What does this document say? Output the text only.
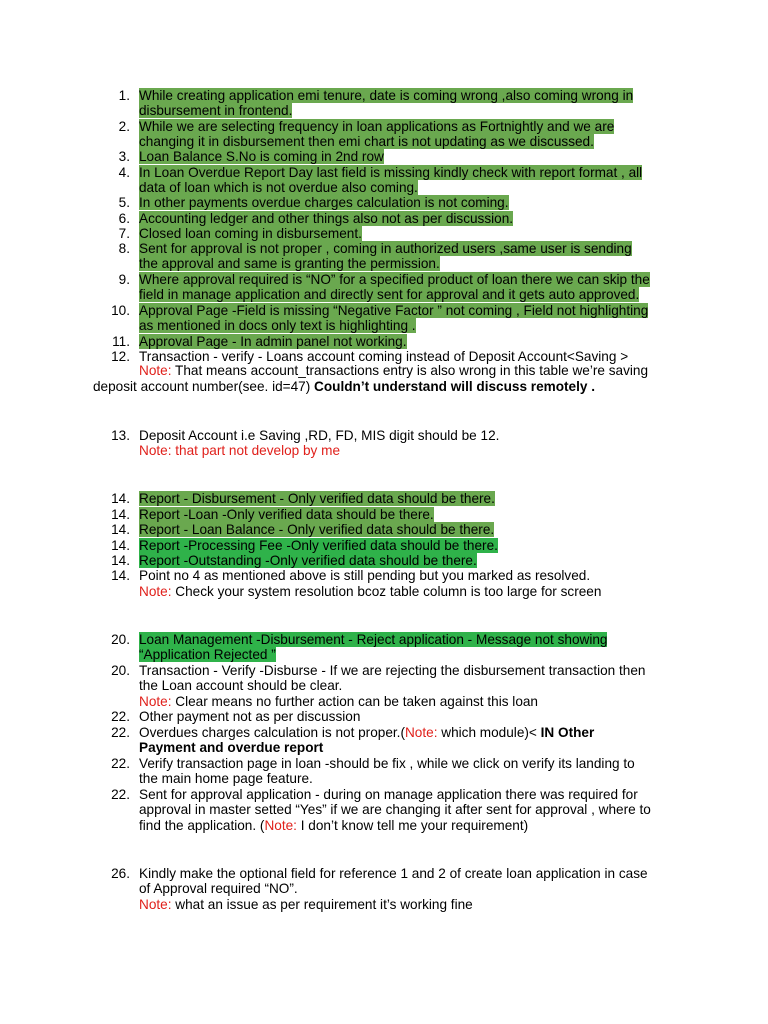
1. While creating application emi tenure, date is coming wrong ,also coming wrong in
disbursement in frontend.
2. While we are selecting frequency in loan applications as Fortnightly and we are
changing it in disbursement then emi chart is not updating as we discussed.
3. Loan Balance S.No is coming in 2nd row
4. In Loan Overdue Report Day last field is missing kindly check with report format , all
data of loan which is not overdue also coming.
5. In other payments overdue charges calculation is not coming.
6. Accounting ledger and other things also not as per discussion.
7. Closed loan coming in disbursement.
8. Sent for approval is not proper , coming in authorized users ,same user is sending
the approval and same is granting the permission.
9. Where approval required is “NO” for a specified product of loan there we can skip the
field in manage application and directly sent for approval and it gets auto approved.
10. Approval Page -Field is missing “Negative Factor ” not coming , Field not highlighting
as mentioned in docs only text is highlighting .
11. Approval Page - In admin panel not working.
12. Transaction - verify - Loans account coming instead of Deposit Account<Saving >
Note: That means account_transactions entry is also wrong in this table we’re saving
deposit account number(see. id=47) Couldn’t understand will discuss remotely .
13. Deposit Account i.e Saving ,RD, FD, MIS digit should be 12.
Note: that part not develop by me
14. Report - Disbursement - Only verified data should be there.
14. Report -Loan -Only verified data should be there.
14. Report - Loan Balance - Only verified data should be there.
14. Report -Processing Fee -Only verified data should be there.
14. Report -Outstanding -Only verified data should be there.
14. Point no 4 as mentioned above is still pending but you marked as resolved.
Note: Check your system resolution bcoz table column is too large for screen
20. Loan Management -Disbursement - Reject application - Message not showing
“Application Rejected ”
20. Transaction - Verify -Disburse - If we are rejecting the disbursement transaction then
the Loan account should be clear.
Note: Clear means no further action can be taken against this loan
22. Other payment not as per discussion
22. Overdues charges calculation is not proper.(Note: which module)< IN Other
Payment and overdue report
22. Verify transaction page in loan -should be fix , while we click on verify its landing to
the main home page feature.
22. Sent for approval application - during on manage application there was required for
approval in master setted “Yes” if we are changing it after sent for approval , where to
find the application. (Note: I don’t know tell me your requirement)
26. Kindly make the optional field for reference 1 and 2 of create loan application in case
of Approval required “NO”.
Note: what an issue as per requirement it’s working fine
